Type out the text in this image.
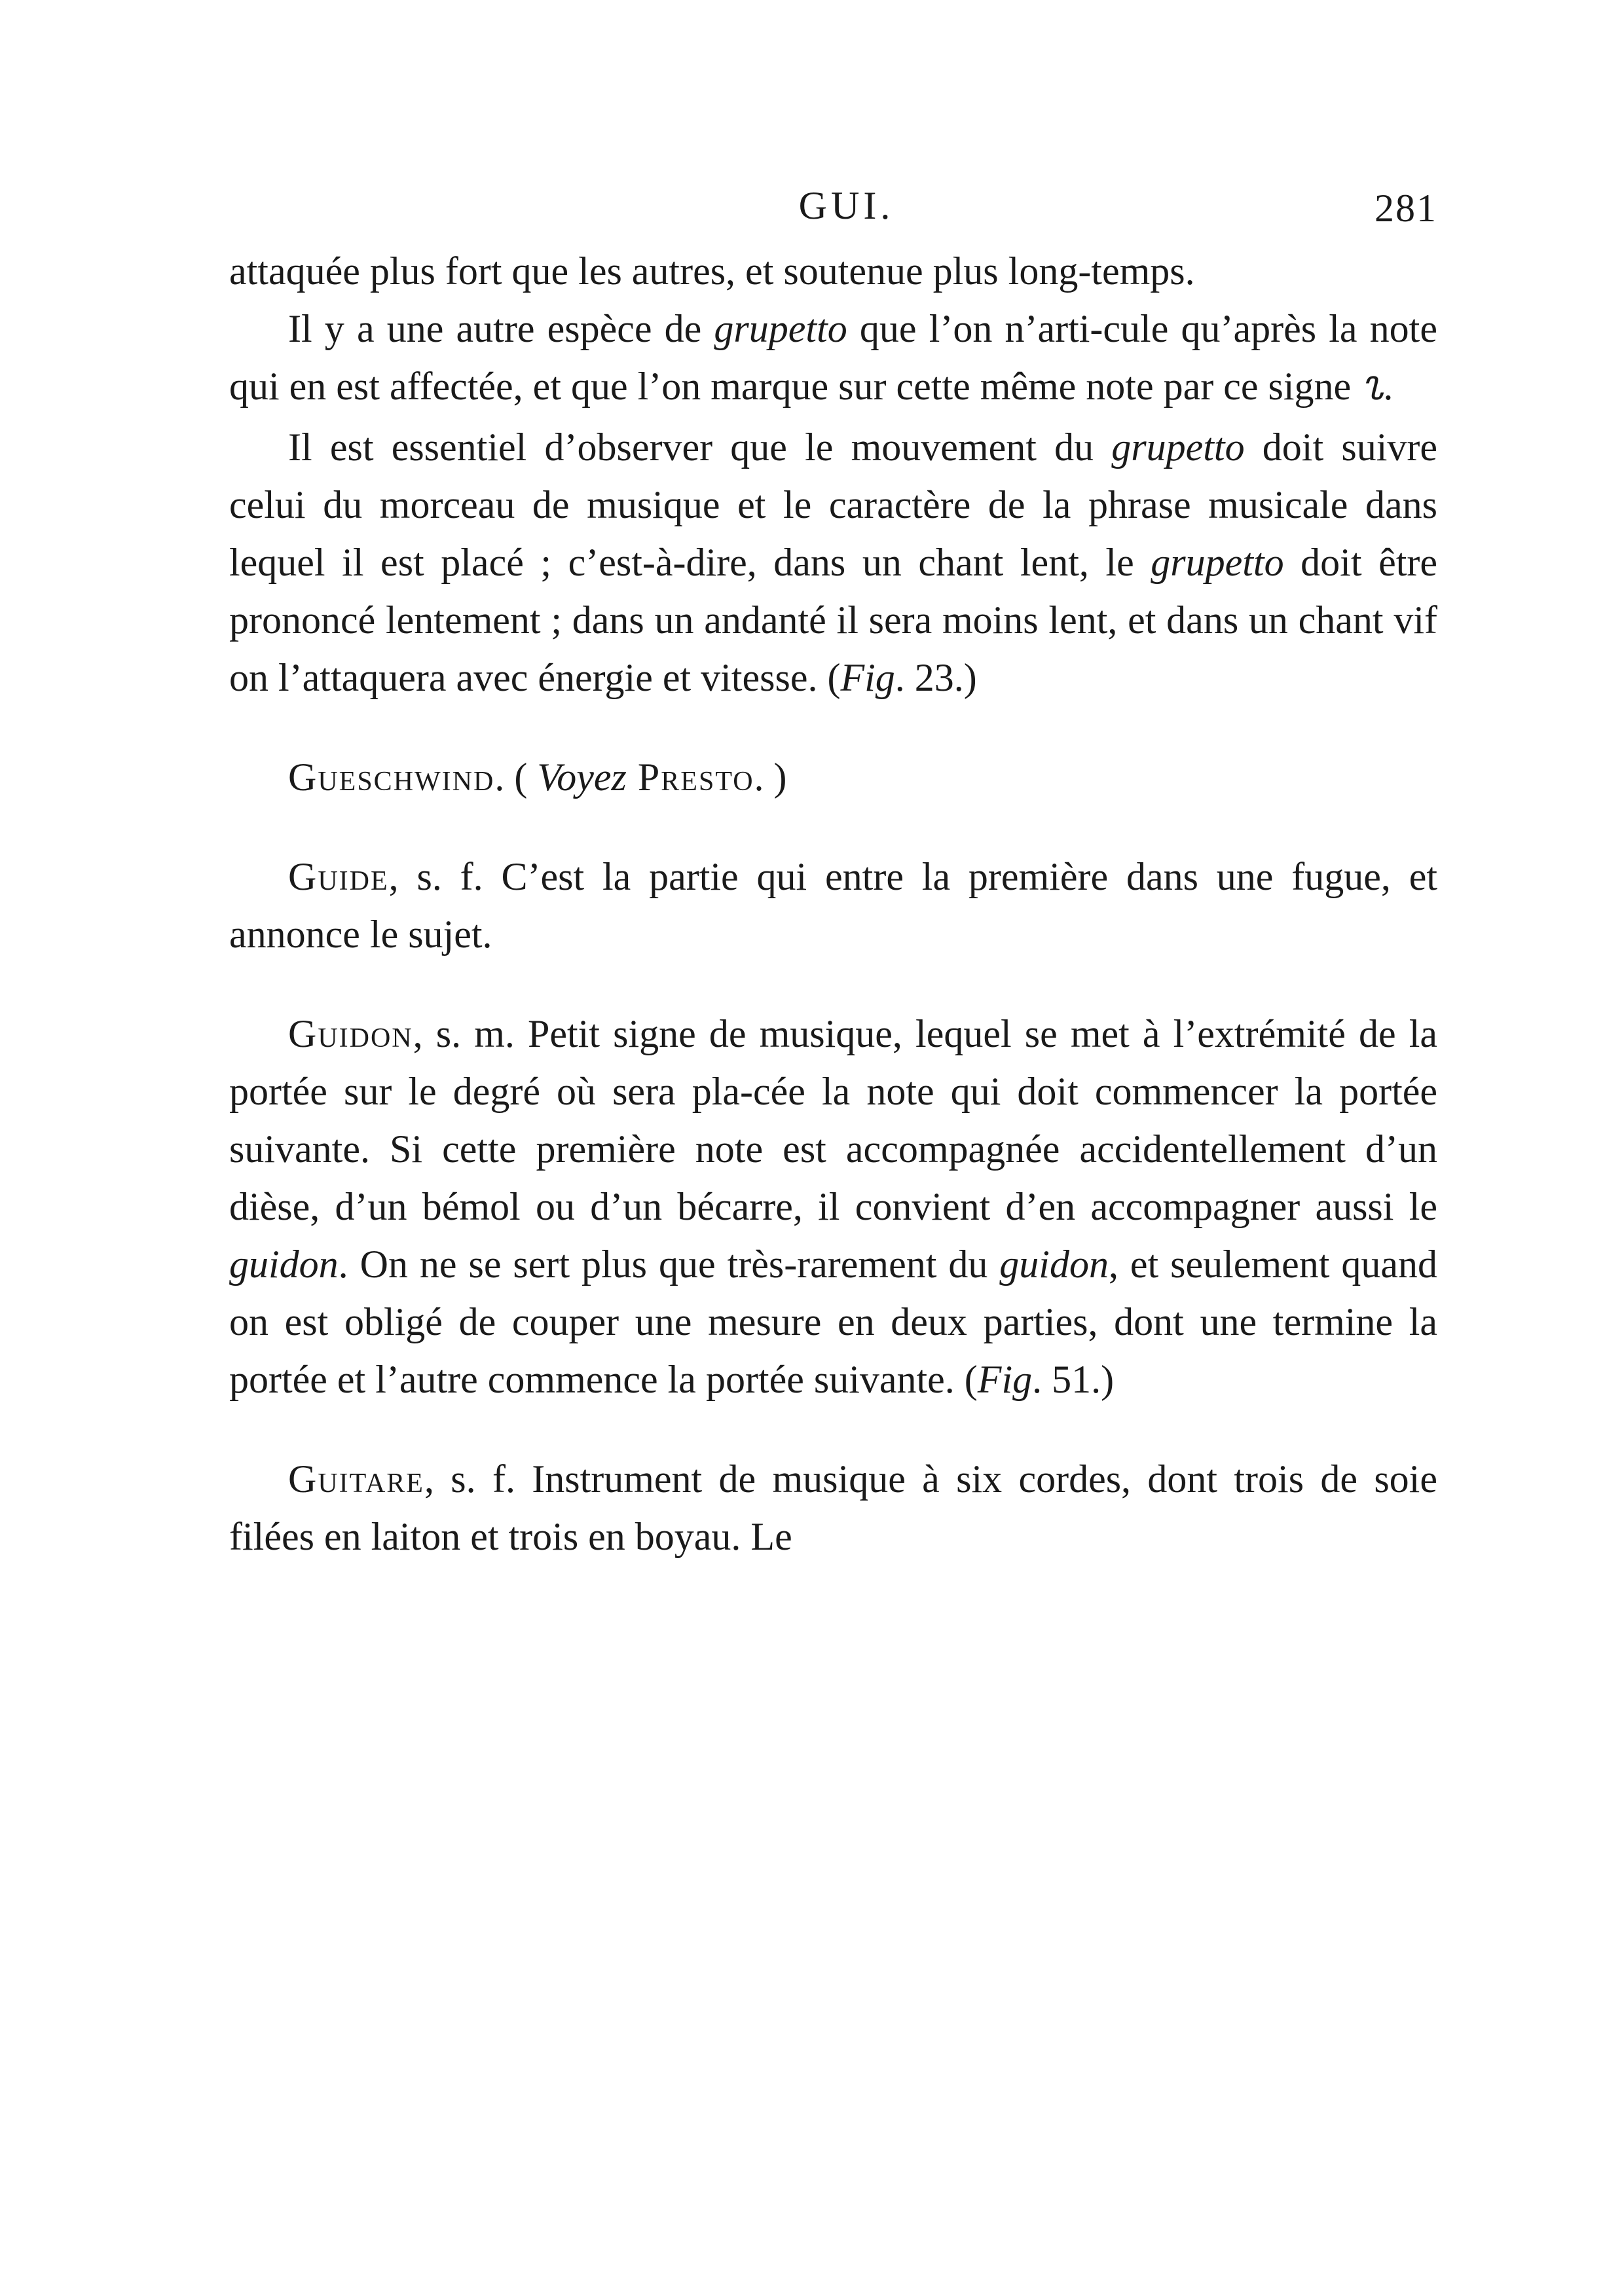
GUI.	281

attaquée plus fort que les autres, et soutenue plus long-temps.

Il y a une autre espèce de grupetto que l’on n’arti-cule qu’après la note qui en est affectée, et que l’on marque sur cette même note par ce signe ᔐ.

Il est essentiel d’observer que le mouvement du grupetto doit suivre celui du morceau de musique et le caractère de la phrase musicale dans lequel il est placé ; c’est-à-dire, dans un chant lent, le grupetto doit être prononcé lentement ; dans un andanté il sera moins lent, et dans un chant vif on l’attaquera avec énergie et vitesse. (Fig. 23.)

Gueschwind. ( Voyez Presto. )

Guide, s. f. C’est la partie qui entre la première dans une fugue, et annonce le sujet.

Guidon, s. m. Petit signe de musique, lequel se met à l’extrémité de la portée sur le degré où sera pla-cée la note qui doit commencer la portée suivante. Si cette première note est accompagnée accidentellement d’un dièse, d’un bémol ou d’un bécarre, il convient d’en accompagner aussi le guidon. On ne se sert plus que très-rarement du guidon, et seulement quand on est obligé de couper une mesure en deux parties, dont une termine la portée et l’autre commence la portée suivante. (Fig. 51.)

Guitare, s. f. Instrument de musique à six cordes, dont trois de soie filées en laiton et trois en boyau. Le
